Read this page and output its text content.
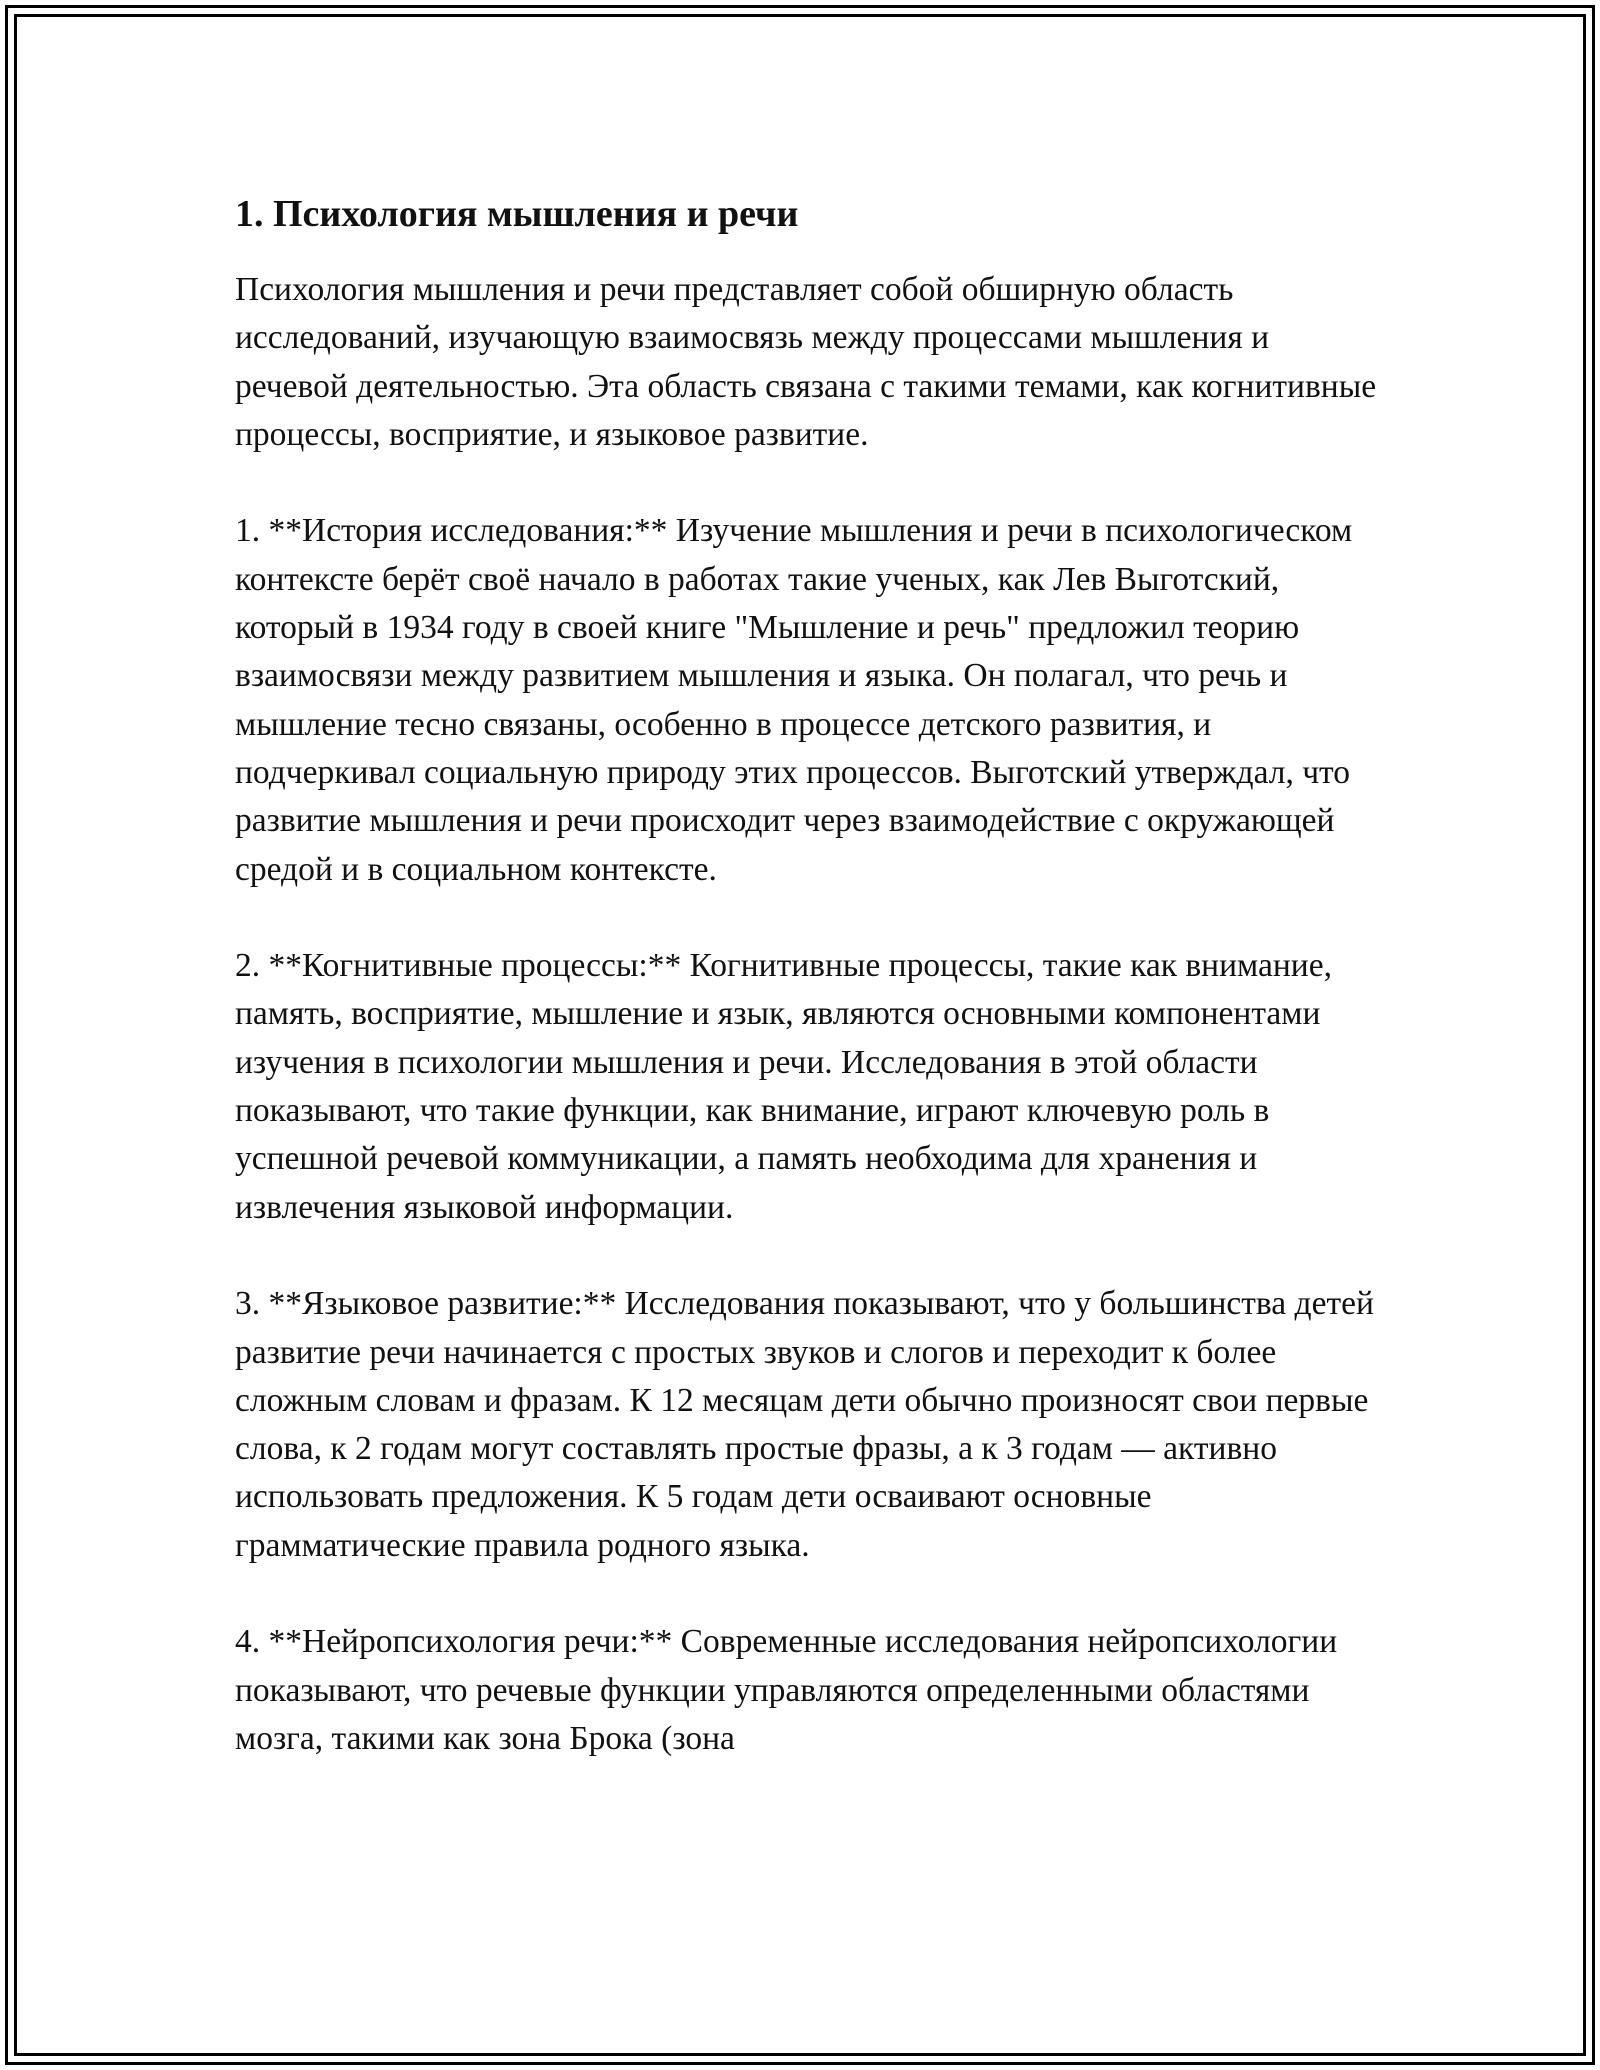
1. Психология мышления и речи

Психология мышления и речи представляет собой обширную область исследований, изучающую взаимосвязь между процессами мышления и речевой деятельностью. Эта область связана с такими темами, как когнитивные процессы, восприятие, и языковое развитие.

1. **История исследования:** Изучение мышления и речи в психологическом контексте берёт своё начало в работах такие ученых, как Лев Выготский, который в 1934 году в своей книге "Мышление и речь" предложил теорию взаимосвязи между развитием мышления и языка. Он полагал, что речь и мышление тесно связаны, особенно в процессе детского развития, и подчеркивал социальную природу этих процессов. Выготский утверждал, что развитие мышления и речи происходит через взаимодействие с окружающей средой и в социальном контексте.

2. **Когнитивные процессы:** Когнитивные процессы, такие как внимание, память, восприятие, мышление и язык, являются основными компонентами изучения в психологии мышления и речи. Исследования в этой области показывают, что такие функции, как внимание, играют ключевую роль в успешной речевой коммуникации, а память необходима для хранения и извлечения языковой информации.

3. **Языковое развитие:** Исследования показывают, что у большинства детей развитие речи начинается с простых звуков и слогов и переходит к более сложным словам и фразам. К 12 месяцам дети обычно произносят свои первые слова, к 2 годам могут составлять простые фразы, а к 3 годам — активно использовать предложения. К 5 годам дети осваивают основные грамматические правила родного языка.

4. **Нейропсихология речи:** Современные исследования нейропсихологии показывают, что речевые функции управляются определенными областями мозга, такими как зона Брока (зона
